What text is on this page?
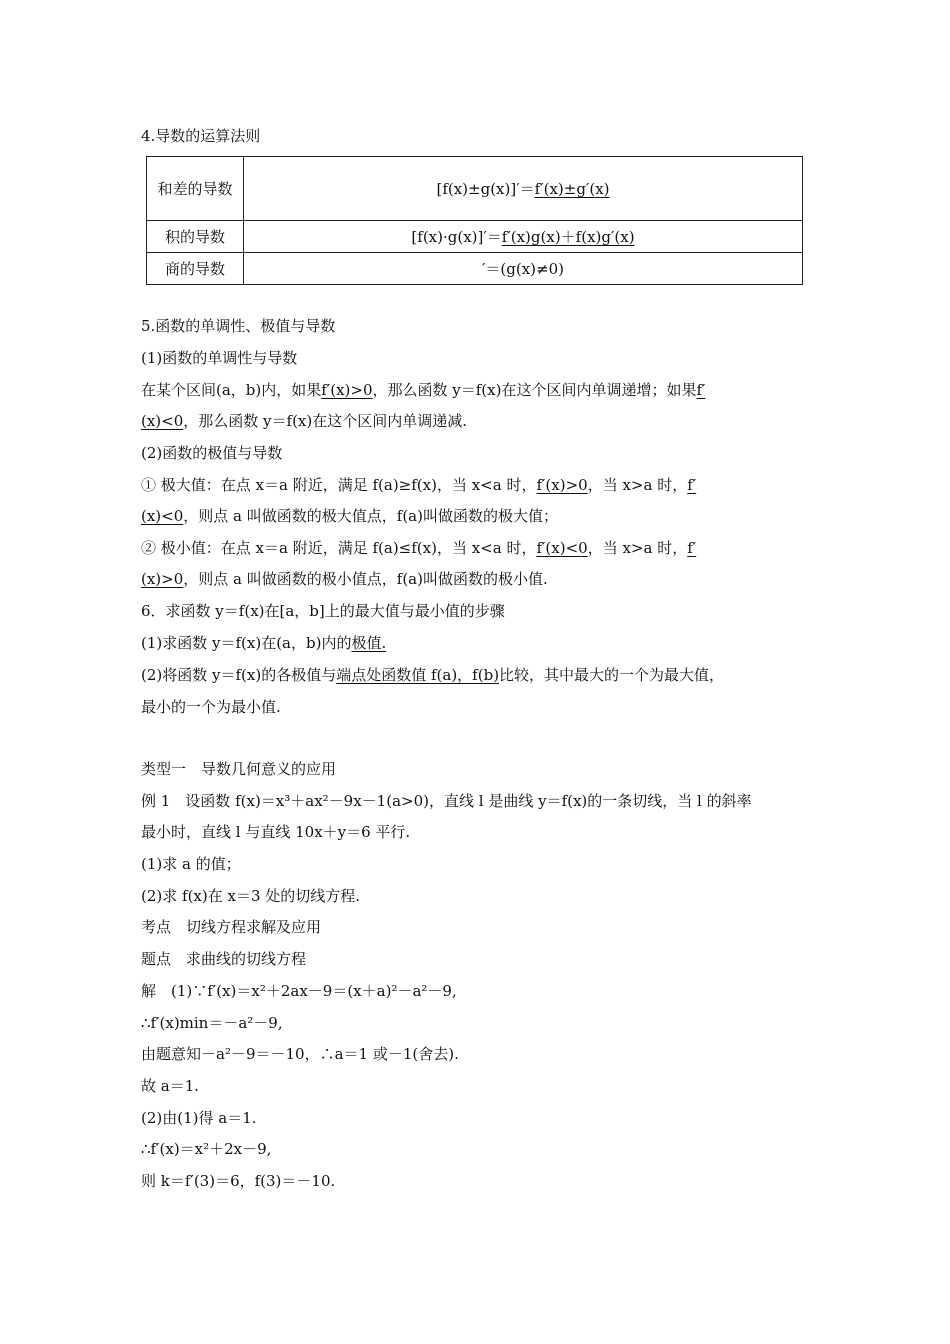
4.导数的运算法则
和差的导数	[f(x)±g(x)]′＝f′(x)±g′(x)
积的导数	[f(x)·g(x)]′＝f′(x)g(x)＋f(x)g′(x)
商的导数	′＝(g(x)≠0)
5.函数的单调性、极值与导数
(1)函数的单调性与导数
在某个区间(a，b)内，如果f′(x)>0，那么函数 y＝f(x)在这个区间内单调递增；如果f′
(x)<0，那么函数 y＝f(x)在这个区间内单调递减.
(2)函数的极值与导数
① 极大值：在点 x＝a 附近，满足 f(a)≥f(x)，当 x<a 时，f′(x)>0，当 x>a 时，f′
(x)<0，则点 a 叫做函数的极大值点，f(a)叫做函数的极大值；
② 极小值：在点 x＝a 附近，满足 f(a)≤f(x)，当 x<a 时，f′(x)<0，当 x>a 时，f′
(x)>0，则点 a 叫做函数的极小值点，f(a)叫做函数的极小值.
6．求函数 y＝f(x)在[a，b]上的最大值与最小值的步骤
(1)求函数 y＝f(x)在(a，b)内的极值.
(2)将函数 y＝f(x)的各极值与端点处函数值 f(a)，f(b)比较，其中最大的一个为最大值，
最小的一个为最小值.
类型一　导数几何意义的应用
例 1　设函数 f(x)＝x³＋ax²－9x－1(a>0)，直线 l 是曲线 y＝f(x)的一条切线，当 l 的斜率
最小时，直线 l 与直线 10x＋y＝6 平行.
(1)求 a 的值；
(2)求 f(x)在 x＝3 处的切线方程.
考点　切线方程求解及应用
题点　求曲线的切线方程
解　(1)∵f′(x)＝x²＋2ax－9＝(x＋a)²－a²－9,
∴f′(x)min＝－a²－9,
由题意知－a²－9＝－10，∴a＝1 或－1(舍去).
故 a＝1.
(2)由(1)得 a＝1.
∴f′(x)＝x²＋2x－9,
则 k＝f′(3)＝6，f(3)＝－10.
